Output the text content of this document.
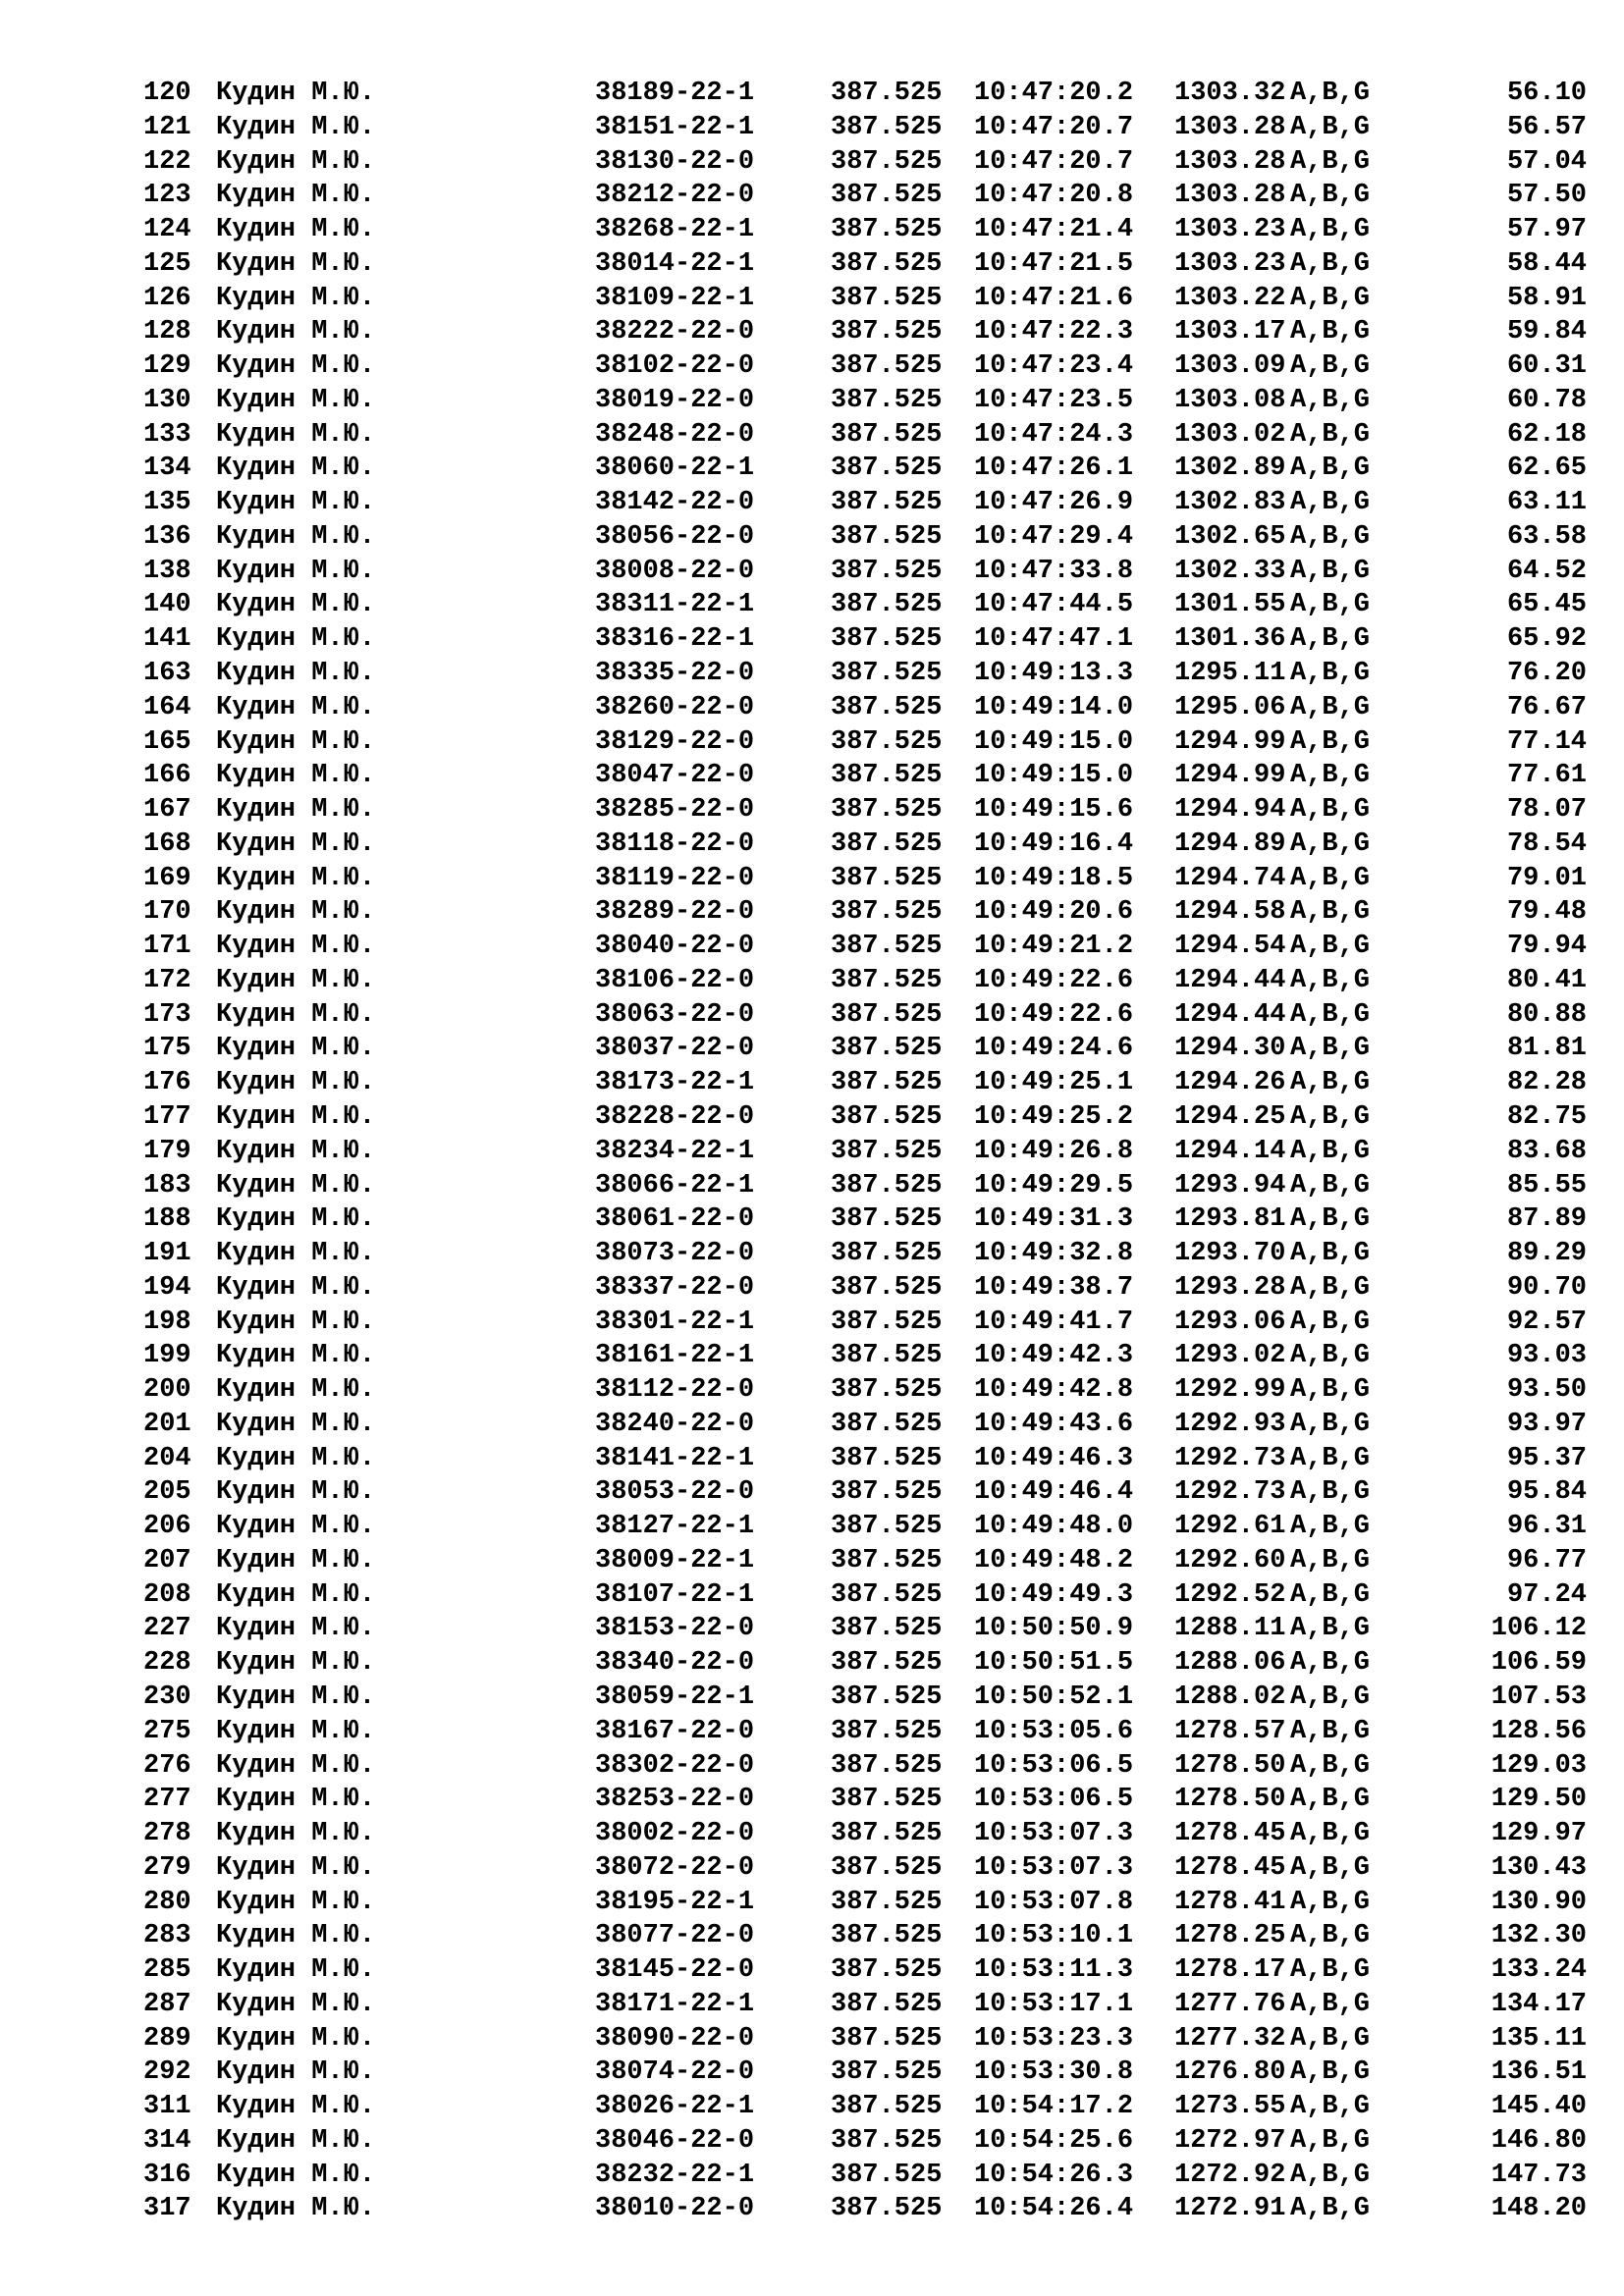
120 Кудин М.Ю.	38189-22-1	387.525 10:47:20.2 1303.32 A,B,G	56.10
121 Кудин М.Ю.	38151-22-1	387.525 10:47:20.7 1303.28 A,B,G	56.57
122 Кудин М.Ю.	38130-22-0	387.525 10:47:20.7 1303.28 A,B,G	57.04
123 Кудин М.Ю.	38212-22-0	387.525 10:47:20.8 1303.28 A,B,G	57.50
124 Кудин М.Ю.	38268-22-1	387.525 10:47:21.4 1303.23 A,B,G	57.97
125 Кудин М.Ю.	38014-22-1	387.525 10:47:21.5 1303.23 A,B,G	58.44
126 Кудин М.Ю.	38109-22-1	387.525 10:47:21.6 1303.22 A,B,G	58.91
128 Кудин М.Ю.	38222-22-0	387.525 10:47:22.3 1303.17 A,B,G	59.84
129 Кудин М.Ю.	38102-22-0	387.525 10:47:23.4 1303.09 A,B,G	60.31
130 Кудин М.Ю.	38019-22-0	387.525 10:47:23.5 1303.08 A,B,G	60.78
133 Кудин М.Ю.	38248-22-0	387.525 10:47:24.3 1303.02 A,B,G	62.18
134 Кудин М.Ю.	38060-22-1	387.525 10:47:26.1 1302.89 A,B,G	62.65
135 Кудин М.Ю.	38142-22-0	387.525 10:47:26.9 1302.83 A,B,G	63.11
136 Кудин М.Ю.	38056-22-0	387.525 10:47:29.4 1302.65 A,B,G	63.58
138 Кудин М.Ю.	38008-22-0	387.525 10:47:33.8 1302.33 A,B,G	64.52
140 Кудин М.Ю.	38311-22-1	387.525 10:47:44.5 1301.55 A,B,G	65.45
141 Кудин М.Ю.	38316-22-1	387.525 10:47:47.1 1301.36 A,B,G	65.92
163 Кудин М.Ю.	38335-22-0	387.525 10:49:13.3 1295.11 A,B,G	76.20
164 Кудин М.Ю.	38260-22-0	387.525 10:49:14.0 1295.06 A,B,G	76.67
165 Кудин М.Ю.	38129-22-0	387.525 10:49:15.0 1294.99 A,B,G	77.14
166 Кудин М.Ю.	38047-22-0	387.525 10:49:15.0 1294.99 A,B,G	77.61
167 Кудин М.Ю.	38285-22-0	387.525 10:49:15.6 1294.94 A,B,G	78.07
168 Кудин М.Ю.	38118-22-0	387.525 10:49:16.4 1294.89 A,B,G	78.54
169 Кудин М.Ю.	38119-22-0	387.525 10:49:18.5 1294.74 A,B,G	79.01
170 Кудин М.Ю.	38289-22-0	387.525 10:49:20.6 1294.58 A,B,G	79.48
171 Кудин М.Ю.	38040-22-0	387.525 10:49:21.2 1294.54 A,B,G	79.94
172 Кудин М.Ю.	38106-22-0	387.525 10:49:22.6 1294.44 A,B,G	80.41
173 Кудин М.Ю.	38063-22-0	387.525 10:49:22.6 1294.44 A,B,G	80.88
175 Кудин М.Ю.	38037-22-0	387.525 10:49:24.6 1294.30 A,B,G	81.81
176 Кудин М.Ю.	38173-22-1	387.525 10:49:25.1 1294.26 A,B,G	82.28
177 Кудин М.Ю.	38228-22-0	387.525 10:49:25.2 1294.25 A,B,G	82.75
179 Кудин М.Ю.	38234-22-1	387.525 10:49:26.8 1294.14 A,B,G	83.68
183 Кудин М.Ю.	38066-22-1	387.525 10:49:29.5 1293.94 A,B,G	85.55
188 Кудин М.Ю.	38061-22-0	387.525 10:49:31.3 1293.81 A,B,G	87.89
191 Кудин М.Ю.	38073-22-0	387.525 10:49:32.8 1293.70 A,B,G	89.29
194 Кудин М.Ю.	38337-22-0	387.525 10:49:38.7 1293.28 A,B,G	90.70
198 Кудин М.Ю.	38301-22-1	387.525 10:49:41.7 1293.06 A,B,G	92.57
199 Кудин М.Ю.	38161-22-1	387.525 10:49:42.3 1293.02 A,B,G	93.03
200 Кудин М.Ю.	38112-22-0	387.525 10:49:42.8 1292.99 A,B,G	93.50
201 Кудин М.Ю.	38240-22-0	387.525 10:49:43.6 1292.93 A,B,G	93.97
204 Кудин М.Ю.	38141-22-1	387.525 10:49:46.3 1292.73 A,B,G	95.37
205 Кудин М.Ю.	38053-22-0	387.525 10:49:46.4 1292.73 A,B,G	95.84
206 Кудин М.Ю.	38127-22-1	387.525 10:49:48.0 1292.61 A,B,G	96.31
207 Кудин М.Ю.	38009-22-1	387.525 10:49:48.2 1292.60 A,B,G	96.77
208 Кудин М.Ю.	38107-22-1	387.525 10:49:49.3 1292.52 A,B,G	97.24
227 Кудин М.Ю.	38153-22-0	387.525 10:50:50.9 1288.11 A,B,G	106.12
228 Кудин М.Ю.	38340-22-0	387.525 10:50:51.5 1288.06 A,B,G	106.59
230 Кудин М.Ю.	38059-22-1	387.525 10:50:52.1 1288.02 A,B,G	107.53
275 Кудин М.Ю.	38167-22-0	387.525 10:53:05.6 1278.57 A,B,G	128.56
276 Кудин М.Ю.	38302-22-0	387.525 10:53:06.5 1278.50 A,B,G	129.03
277 Кудин М.Ю.	38253-22-0	387.525 10:53:06.5 1278.50 A,B,G	129.50
278 Кудин М.Ю.	38002-22-0	387.525 10:53:07.3 1278.45 A,B,G	129.97
279 Кудин М.Ю.	38072-22-0	387.525 10:53:07.3 1278.45 A,B,G	130.43
280 Кудин М.Ю.	38195-22-1	387.525 10:53:07.8 1278.41 A,B,G	130.90
283 Кудин М.Ю.	38077-22-0	387.525 10:53:10.1 1278.25 A,B,G	132.30
285 Кудин М.Ю.	38145-22-0	387.525 10:53:11.3 1278.17 A,B,G	133.24
287 Кудин М.Ю.	38171-22-1	387.525 10:53:17.1 1277.76 A,B,G	134.17
289 Кудин М.Ю.	38090-22-0	387.525 10:53:23.3 1277.32 A,B,G	135.11
292 Кудин М.Ю.	38074-22-0	387.525 10:53:30.8 1276.80 A,B,G	136.51
311 Кудин М.Ю.	38026-22-1	387.525 10:54:17.2 1273.55 A,B,G	145.40
314 Кудин М.Ю.	38046-22-0	387.525 10:54:25.6 1272.97 A,B,G	146.80
316 Кудин М.Ю.	38232-22-1	387.525 10:54:26.3 1272.92 A,B,G	147.73
317 Кудин М.Ю.	38010-22-0	387.525 10:54:26.4 1272.91 A,B,G	148.20
